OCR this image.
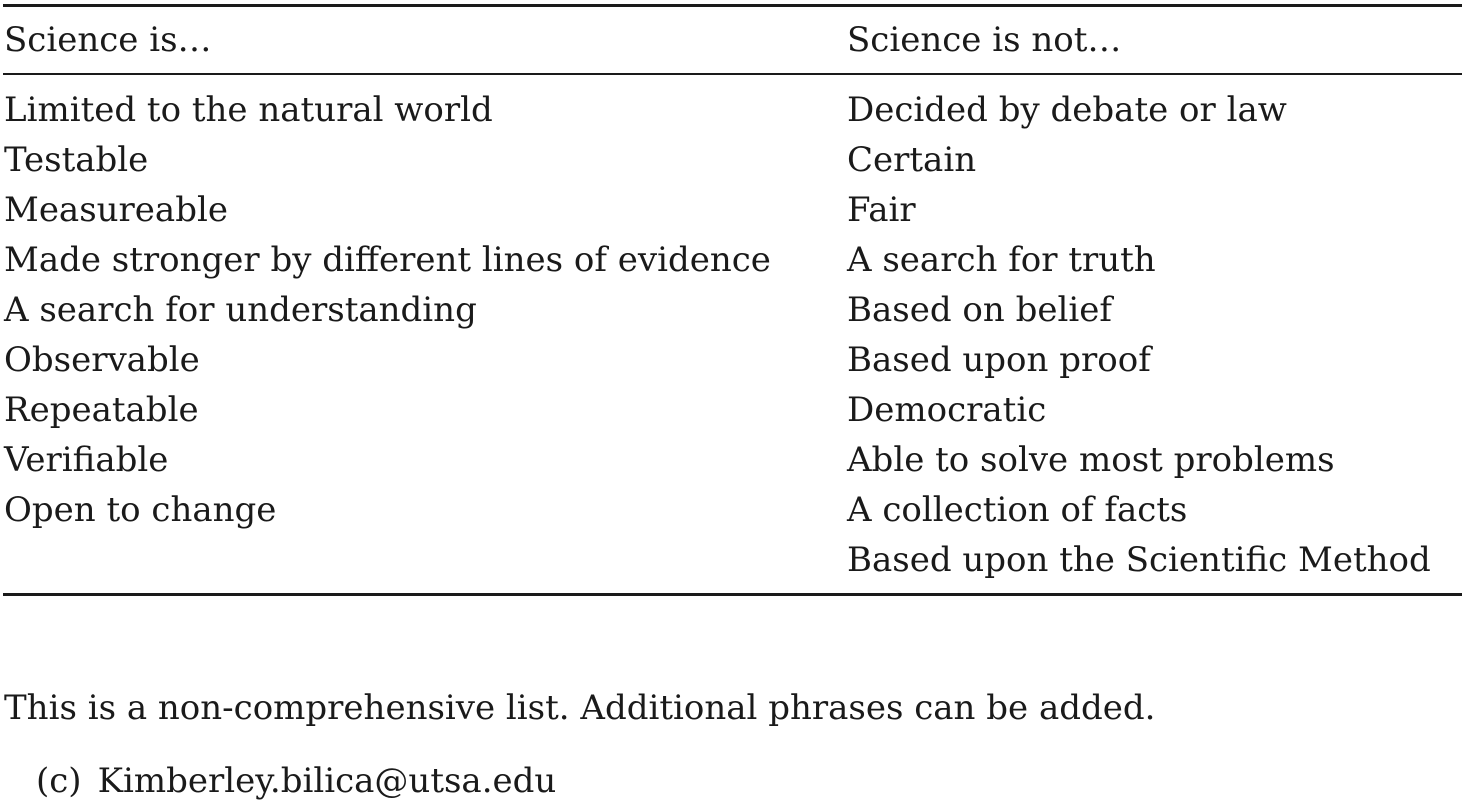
Science is…	Science is not…
Limited to the natural world
Testable
Measureable
Made stronger by different lines of evidence
A search for understanding
Observable
Repeatable
Verifiable
Open to change
Decided by debate or law
Certain
Fair
A search for truth
Based on belief
Based upon proof
Democratic
Able to solve most problems
A collection of facts
Based upon the Scientific Method
This is a non-comprehensive list. Additional phrases can be added.
(c) Kimberley.bilica@utsa.edu
